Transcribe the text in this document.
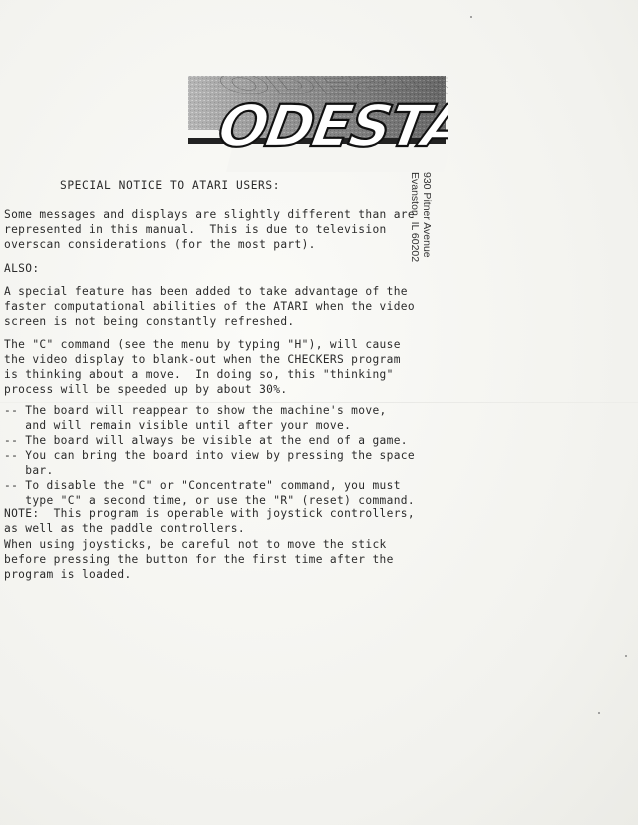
ODESTA
ODESTA
930 Pitner Avenue
Evanston, IL 60202
SPECIAL NOTICE TO ATARI USERS:
Some messages and displays are slightly different than are
represented in this manual.  This is due to television
overscan considerations (for the most part).
ALSO:
A special feature has been added to take advantage of the
faster computational abilities of the ATARI when the video
screen is not being constantly refreshed.
The "C" command (see the menu by typing "H"), will cause
the video display to blank-out when the CHECKERS program
is thinking about a move.  In doing so, this "thinking"
process will be speeded up by about 30%.
-- The board will reappear to show the machine's move,
and will remain visible until after your move.
-- The board will always be visible at the end of a game.
-- You can bring the board into view by pressing the space
bar.
-- To disable the "C" or "Concentrate" command, you must
type "C" a second time, or use the "R" (reset) command.
NOTE:  This program is operable with joystick controllers,
as well as the paddle controllers.
When using joysticks, be careful not to move the stick
before pressing the button for the first time after the
program is loaded.
